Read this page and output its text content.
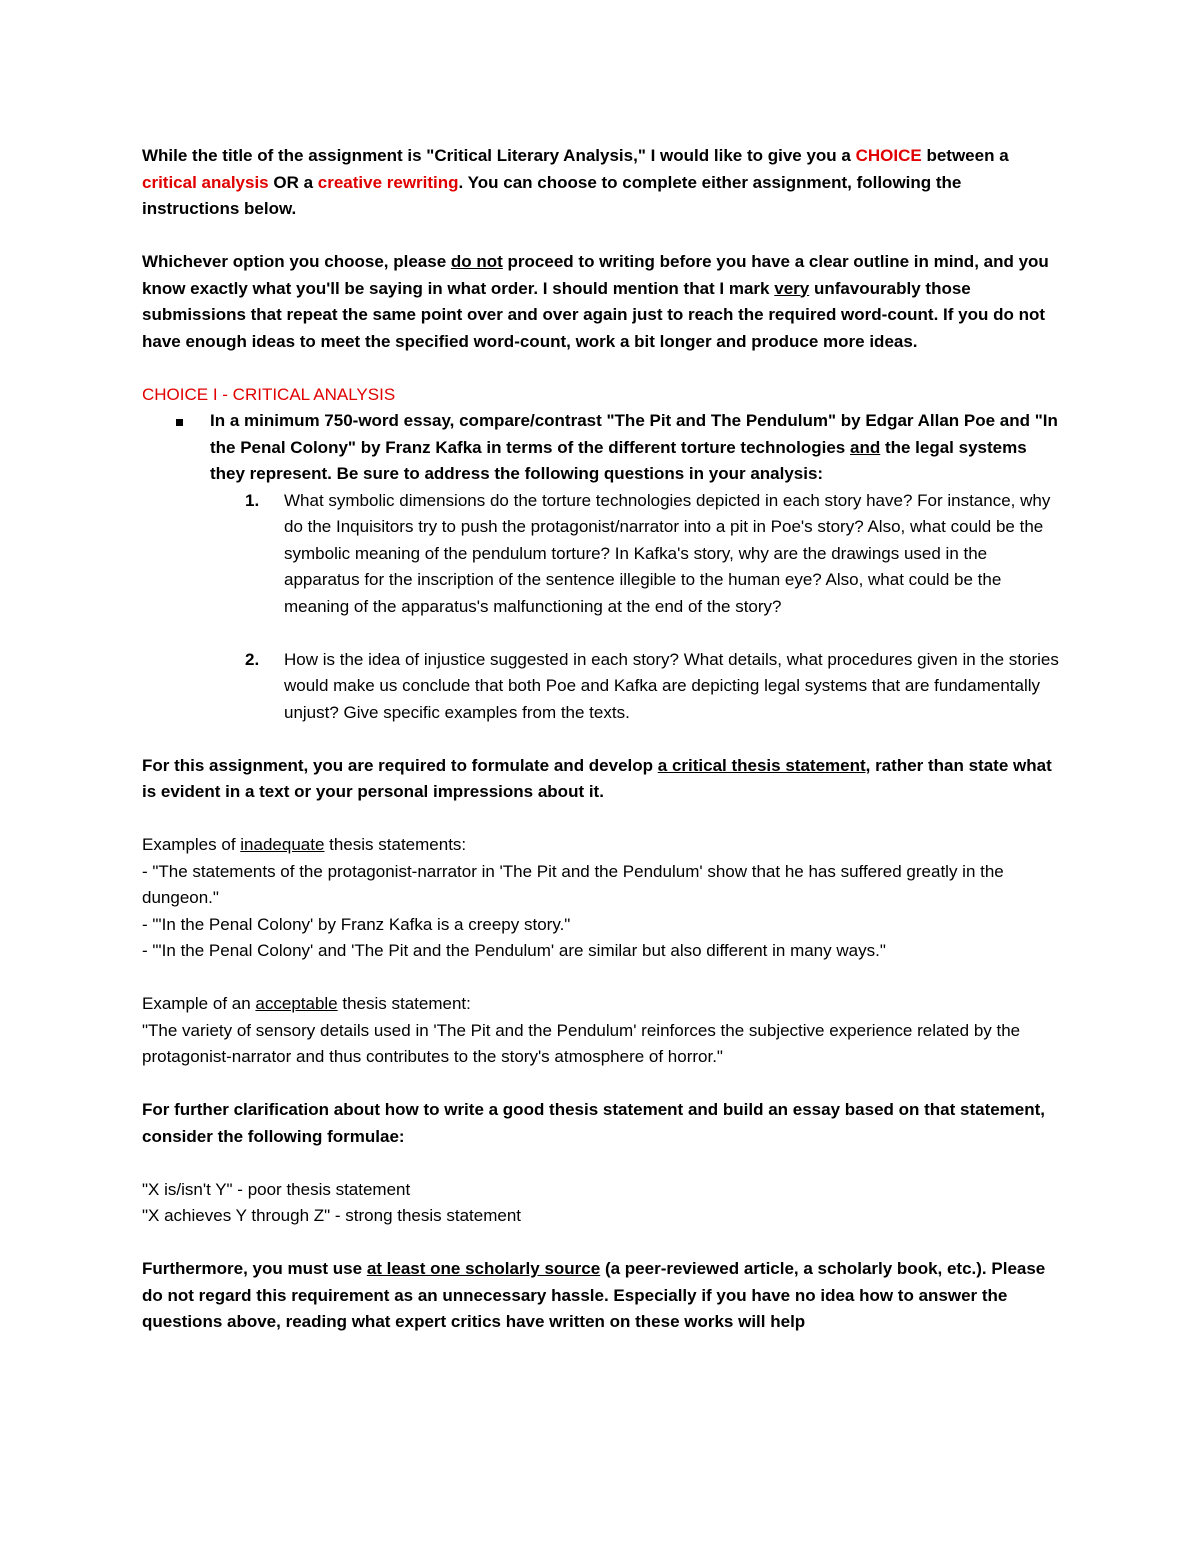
While the title of the assignment is "Critical Literary Analysis," I would like to give you a CHOICE between a critical analysis OR a creative rewriting. You can choose to complete either assignment, following the instructions below.

Whichever option you choose, please do not proceed to writing before you have a clear outline in mind, and you know exactly what you'll be saying in what order. I should mention that I mark very unfavourably those submissions that repeat the same point over and over again just to reach the required word-count. If you do not have enough ideas to meet the specified word-count, work a bit longer and produce more ideas.

CHOICE I - CRITICAL ANALYSIS

In a minimum 750-word essay, compare/contrast "The Pit and The Pendulum" by Edgar Allan Poe and "In the Penal Colony" by Franz Kafka in terms of the different torture technologies and the legal systems they represent. Be sure to address the following questions in your analysis:
1. What symbolic dimensions do the torture technologies depicted in each story have? For instance, why do the Inquisitors try to push the protagonist/narrator into a pit in Poe's story? Also, what could be the symbolic meaning of the pendulum torture? In Kafka's story, why are the drawings used in the apparatus for the inscription of the sentence illegible to the human eye? Also, what could be the meaning of the apparatus's malfunctioning at the end of the story?
2. How is the idea of injustice suggested in each story? What details, what procedures given in the stories would make us conclude that both Poe and Kafka are depicting legal systems that are fundamentally unjust? Give specific examples from the texts.

For this assignment, you are required to formulate and develop a critical thesis statement, rather than state what is evident in a text or your personal impressions about it.

Examples of inadequate thesis statements:

- "The statements of the protagonist-narrator in 'The Pit and the Pendulum' show that he has suffered greatly in the dungeon."

- "'In the Penal Colony' by Franz Kafka is a creepy story."

- "'In the Penal Colony' and 'The Pit and the Pendulum' are similar but also different in many ways."

Example of an acceptable thesis statement:

"The variety of sensory details used in 'The Pit and the Pendulum' reinforces the subjective experience related by the protagonist-narrator and thus contributes to the story's atmosphere of horror."

For further clarification about how to write a good thesis statement and build an essay based on that statement, consider the following formulae:

"X is/isn't Y" - poor thesis statement

"X achieves Y through Z" - strong thesis statement

Furthermore, you must use at least one scholarly source (a peer-reviewed article, a scholarly book, etc.). Please do not regard this requirement as an unnecessary hassle. Especially if you have no idea how to answer the questions above, reading what expert critics have written on these works will help
